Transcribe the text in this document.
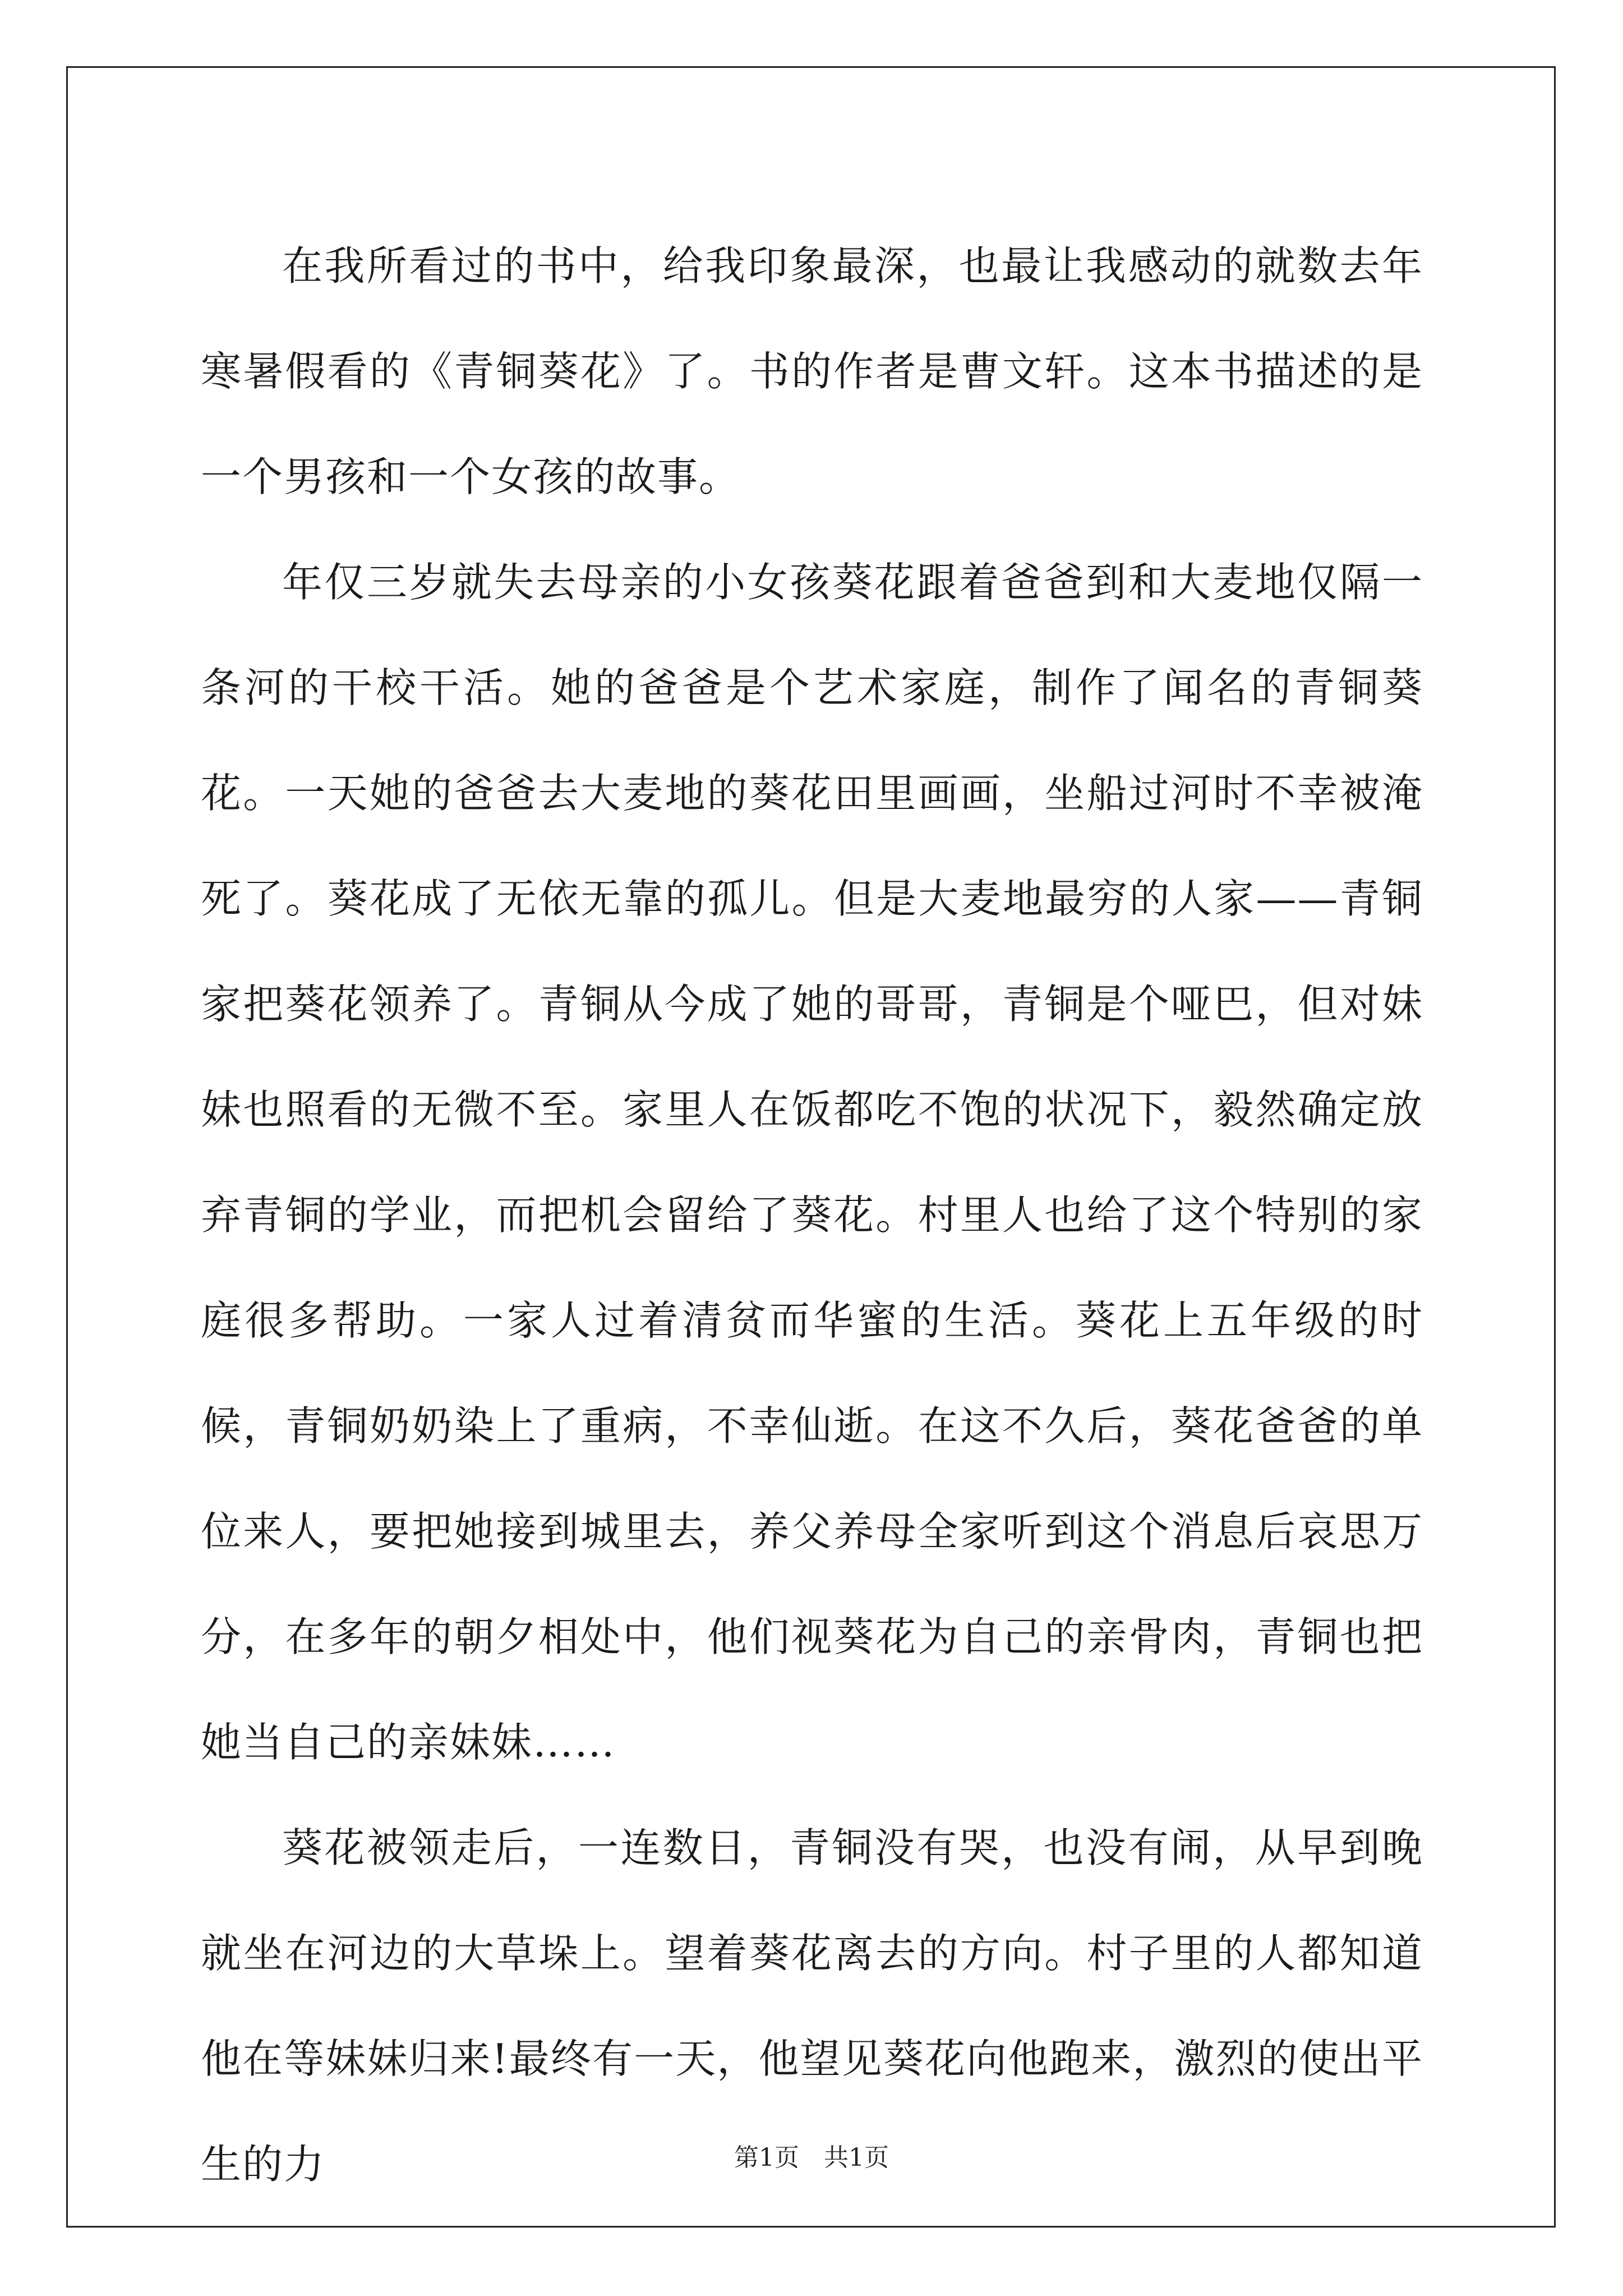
在我所看过的书中，给我印象最深，也最让我感动的就数去年寒暑假看的《青铜葵花》了。书的作者是曹文轩。这本书描述的是一个男孩和一个女孩的故事。

年仅三岁就失去母亲的小女孩葵花跟着爸爸到和大麦地仅隔一条河的干校干活。她的爸爸是个艺术家庭，制作了闻名的青铜葵花。一天她的爸爸去大麦地的葵花田里画画，坐船过河时不幸被淹死了。葵花成了无依无靠的孤儿。但是大麦地最穷的人家——青铜家把葵花领养了。青铜从今成了她的哥哥，青铜是个哑巴，但对妹妹也照看的无微不至。家里人在饭都吃不饱的状况下，毅然确定放弃青铜的学业，而把机会留给了葵花。村里人也给了这个特别的家庭很多帮助。一家人过着清贫而华蜜的生活。葵花上五年级的时候，青铜奶奶染上了重病，不幸仙逝。在这不久后，葵花爸爸的单位来人，要把她接到城里去，养父养母全家听到这个消息后哀思万分，在多年的朝夕相处中，他们视葵花为自己的亲骨肉，青铜也把她当自己的亲妹妹……

葵花被领走后，一连数日，青铜没有哭，也没有闹，从早到晚就坐在河边的大草垛上。望着葵花离去的方向。村子里的人都知道他在等妹妹归来!最终有一天，他望见葵花向他跑来，激烈的使出平生的力	第1页　共1页
